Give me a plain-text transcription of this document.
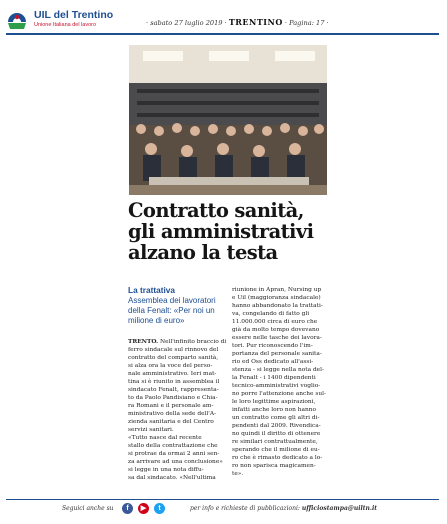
UIL del Trentino
Unione Italiana del lavoro	· sabato 27 luglio 2019 · TRENTINO · Pagina: 17 ·
Contratto sanità,
gli amministrativi
alzano la testa
La trattativa

Assemblea dei lavoratori
della Fenalt: «Per noi un
milione di euro»

TRENTO. Nell'infinito braccio di
ferro sindacale sul rinnovo del
contratto del comparto sanità,
si alza ora la voce del perso-
nale amministrativo. Ieri mat-
tina si è riunito in assemblea il
sindacato Fenalt, rappresenta-
to da Paolo Pandisiano e Chia-
ra Romani e il personale am-
ministrativo della sede dell'A-
zienda sanitaria e del Centro
servizi sanitari.
«Tutto nasce dal recente
stallo della contrattazione che
si protrae da ormai 2 anni sen-
za arrivare ad una conclusione»
si legge in una nota diffu-
sa dal sindacato. «Nell'ultima
riunione in Apran, Nursing up
e Uil (maggioranza sindacale)
hanno abbandonato la trattati-
va, congelando di fatto gli
11.000.000 circa di euro che
già da molto tempo dovevano
essere nelle tasche dei lavora-
tori. Pur riconoscendo l'im-
portanza del personale sanita-
rio ed Oss dedicato all'assi-
stenza - si legge nella nota del-
la Fenalt - i 1400 dipendenti
tecnico-amministrativi voglio-
no porre l'attenzione anche sul-
le loro legittime aspirazioni,
infatti anche loro non hanno
un contratto come gli altri di-
pendenti dal 2009. Rivendica-
no quindi il diritto di ottenere
re similari contrattualmente,
sperando che il milione di eu-
ro che è rimasto dedicato a lo-
ro non sparisca magicamen-
te».
Seguici anche su	f	▶	t	per info e richieste di pubblicazioni: ufficiostampa@uiltn.it
